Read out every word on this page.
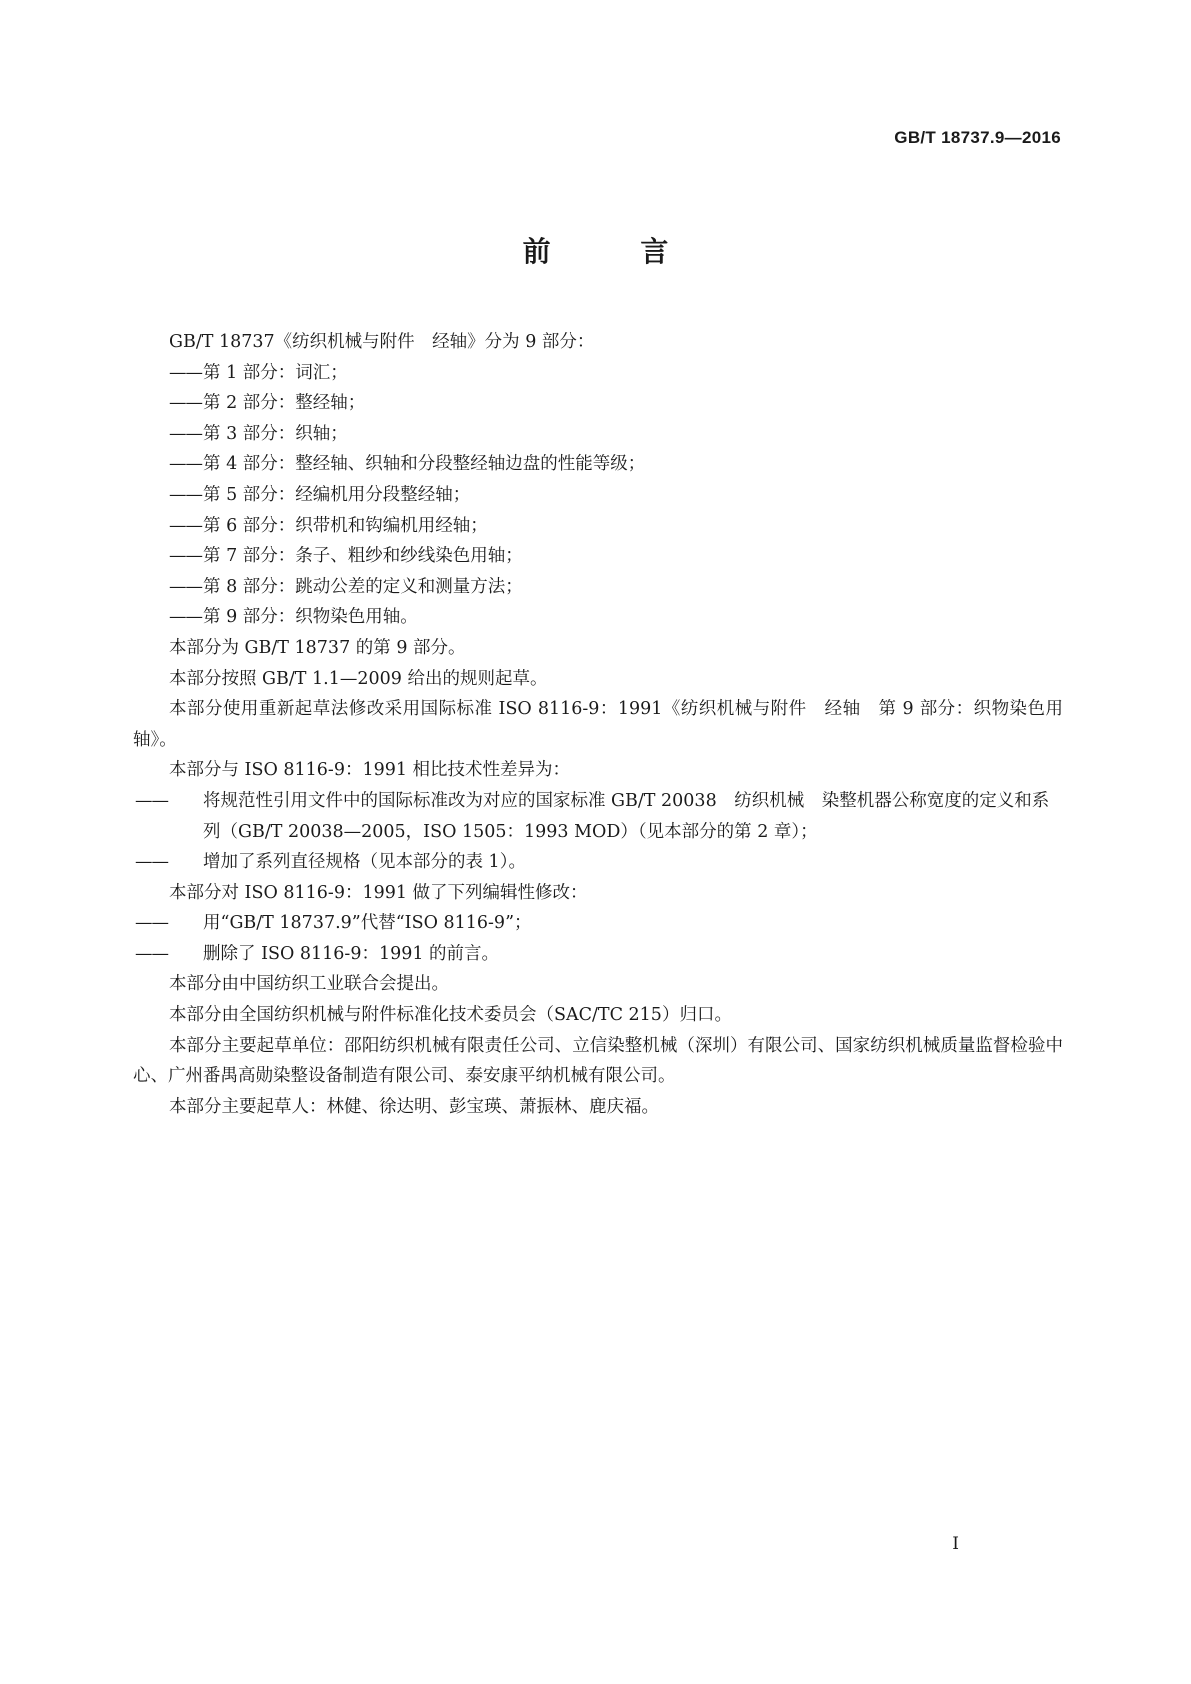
GB/T 18737.9—2016
前 言

GB/T 18737《纺织机械与附件　经轴》分为 9 部分：

——第 1 部分：词汇；

——第 2 部分：整经轴；

——第 3 部分：织轴；

——第 4 部分：整经轴、织轴和分段整经轴边盘的性能等级；

——第 5 部分：经编机用分段整经轴；

——第 6 部分：织带机和钩编机用经轴；

——第 7 部分：条子、粗纱和纱线染色用轴；

——第 8 部分：跳动公差的定义和测量方法；

——第 9 部分：织物染色用轴。

本部分为 GB/T 18737 的第 9 部分。

本部分按照 GB/T 1.1—2009 给出的规则起草。

本部分使用重新起草法修改采用国际标准 ISO 8116-9：1991《纺织机械与附件　经轴　第 9 部分：织物染色用轴》。

本部分与 ISO 8116-9：1991 相比技术性差异为：

—— 将规范性引用文件中的国际标准改为对应的国家标准 GB/T 20038　纺织机械　染整机器公称宽度的定义和系列（GB/T 20038—2005，ISO 1505：1993 MOD）（见本部分的第 2 章）；

—— 增加了系列直径规格（见本部分的表 1）。

本部分对 ISO 8116-9：1991 做了下列编辑性修改：

—— 用“GB/T 18737.9”代替“ISO 8116-9”；

—— 删除了 ISO 8116-9：1991 的前言。

本部分由中国纺织工业联合会提出。

本部分由全国纺织机械与附件标准化技术委员会（SAC/TC 215）归口。

本部分主要起草单位：邵阳纺织机械有限责任公司、立信染整机械（深圳）有限公司、国家纺织机械质量监督检验中心、广州番禺高勋染整设备制造有限公司、泰安康平纳机械有限公司。

本部分主要起草人：林健、徐达明、彭宝瑛、萧振林、鹿庆福。

I
